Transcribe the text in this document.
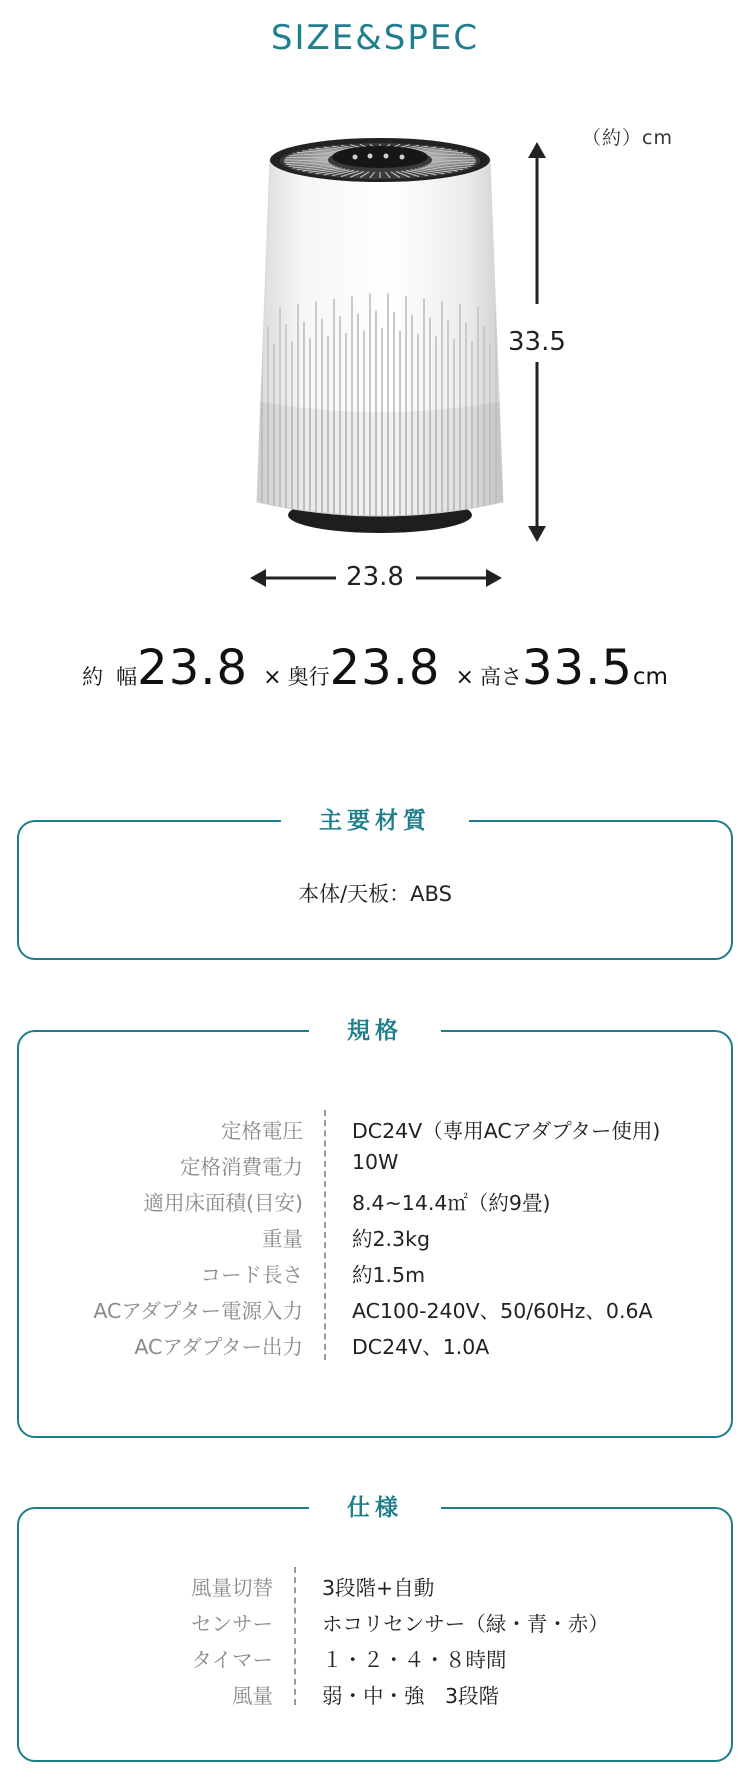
SIZE&SPEC
（約）cm
33.5
23.8
約 幅23.8 × 奥行23.8 × 高さ33.5cm
主要材質
本体/天板：ABS
規格
定格電圧 DC24V（専用ACアダプター使用)
定格消費電力 10W
適用床面積(目安) 8.4~14.4㎡（約9畳)
重量 約2.3kg
コード長さ 約1.5m
ACアダプター電源入力 AC100-240V、50/60Hz、0.6A
ACアダプター出力 DC24V、1.0A
仕様
風量切替 3段階+自動
センサー ホコリセンサー（緑・青・赤）
タイマー １・２・４・８時間
風量 弱・中・強　3段階
